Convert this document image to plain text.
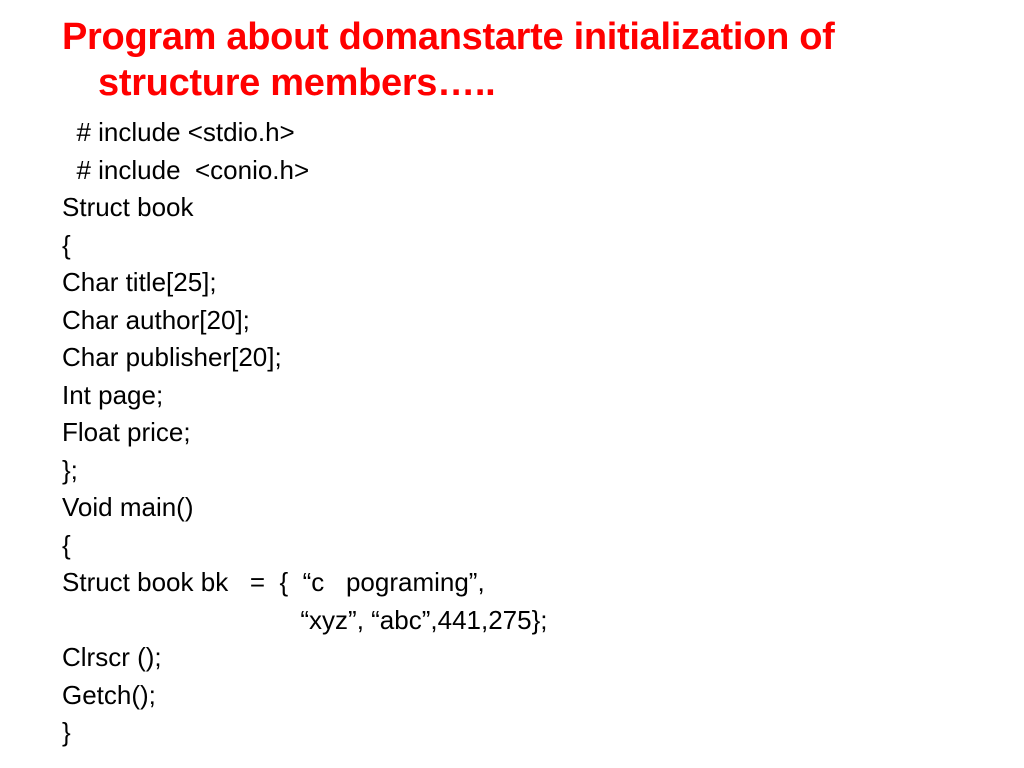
Program about domanstarte initialization of
structure members…..
# include <stdio.h>
# include  <conio.h>
Struct book
{
Char title[25];
Char author[20];
Char publisher[20];
Int page;
Float price;
};
Void main()
{
Struct book bk   =  {  “c   pograming”,
“xyz”, “abc”,441,275};
Clrscr ();
Getch();
}
